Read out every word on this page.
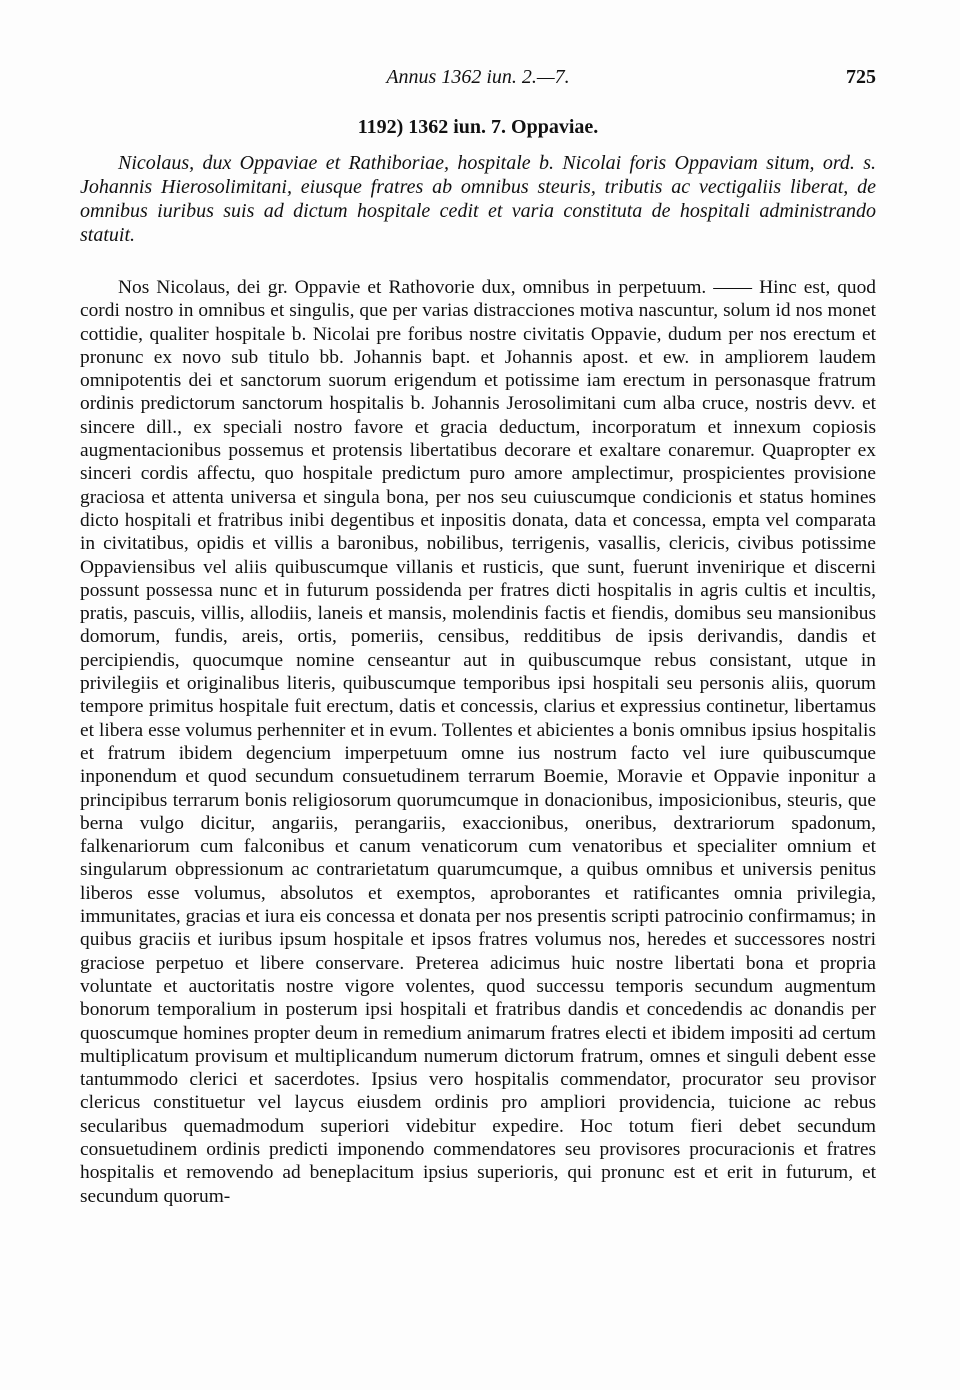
Annus 1362 iun. 2.—7.	725
1192) 1362 iun. 7. Oppaviae.

Nicolaus, dux Oppaviae et Rathiboriae, hospitale b. Nicolai foris Oppaviam situm, ord. s. Johannis Hierosolimitani, eiusque fratres ab omnibus steuris, tributis ac vectigaliis liberat, de omnibus iuribus suis ad dictum hospitale cedit et varia constituta de hospitali administrando statuit.

Nos Nicolaus, dei gr. Oppavie et Rathovorie dux, omnibus in perpetuum. —— Hinc est, quod cordi nostro in omnibus et singulis, que per varias distracciones motiva nascuntur, solum id nos monet cottidie, qualiter hospitale b. Nicolai pre foribus nostre civitatis Oppavie, dudum per nos erectum et pronunc ex novo sub titulo bb. Johannis bapt. et Johannis apost. et ew. in ampliorem laudem omnipotentis dei et sanctorum suorum erigendum et potissime iam erectum in personasque fratrum ordinis predictorum sanctorum hospitalis b. Johannis Jerosolimitani cum alba cruce, nostris devv. et sincere dill., ex speciali nostro favore et gracia deductum, incorporatum et innexum copiosis augmentacionibus possemus et protensis libertatibus decorare et exaltare conaremur. Quapropter ex sinceri cordis affectu, quo hospitale predictum puro amore amplectimur, prospicientes provisione graciosa et attenta universa et singula bona, per nos seu cuiuscumque condicionis et status homines dicto hospitali et fratribus inibi degentibus et inpositis donata, data et concessa, empta vel comparata in civitatibus, opidis et villis a baronibus, nobilibus, terrigenis, vasallis, clericis, civibus potissime Oppaviensibus vel aliis quibuscumque villanis et rusticis, que sunt, fuerunt invenirique et discerni possunt possessa nunc et in futurum possidenda per fratres dicti hospitalis in agris cultis et incultis, pratis, pascuis, villis, allodiis, laneis et mansis, molendinis factis et fiendis, domibus seu mansionibus domorum, fundis, areis, ortis, pomeriis, censibus, redditibus de ipsis derivandis, dandis et percipiendis, quocumque nomine censeantur aut in quibuscumque rebus consistant, utque in privilegiis et originalibus literis, quibuscumque temporibus ipsi hospitali seu personis aliis, quorum tempore primitus hospitale fuit erectum, datis et concessis, clarius et expressius continetur, libertamus et libera esse volumus perhenniter et in evum. Tollentes et abicientes a bonis omnibus ipsius hospitalis et fratrum ibidem degencium imperpetuum omne ius nostrum facto vel iure quibuscumque inponendum et quod secundum consuetudinem terrarum Boemie, Moravie et Oppavie inponitur a principibus terrarum bonis religiosorum quorumcumque in donacionibus, imposicionibus, steuris, que berna vulgo dicitur, angariis, perangariis, exaccionibus, oneribus, dextrariorum spadonum, falkenariorum cum falconibus et canum venaticorum cum venatoribus et specialiter omnium et singularum obpressionum ac contrarietatum quarumcumque, a quibus omnibus et universis penitus liberos esse volumus, absolutos et exemptos, aproborantes et ratificantes omnia privilegia, immunitates, gracias et iura eis concessa et donata per nos presentis scripti patrocinio confirmamus; in quibus graciis et iuribus ipsum hospitale et ipsos fratres volumus nos, heredes et successores nostri graciose perpetuo et libere conservare. Preterea adicimus huic nostre libertati bona et propria voluntate et auctoritatis nostre vigore volentes, quod successu temporis secundum augmentum bonorum temporalium in posterum ipsi hospitali et fratribus dandis et concedendis ac donandis per quoscumque homines propter deum in remedium animarum fratres electi et ibidem impositi ad certum multiplicatum provisum et multiplicandum numerum dictorum fratrum, omnes et singuli debent esse tantummodo clerici et sacerdotes. Ipsius vero hospitalis commendator, procurator seu provisor clericus constituetur vel laycus eiusdem ordinis pro ampliori providencia, tuicione ac rebus secularibus quemadmodum superiori videbitur expedire. Hoc totum fieri debet secundum consuetudinem ordinis predicti imponendo commendatores seu provisores procuracionis et fratres hospitalis et removendo ad beneplacitum ipsius superioris, qui pronunc est et erit in futurum, et secundum quorum-
